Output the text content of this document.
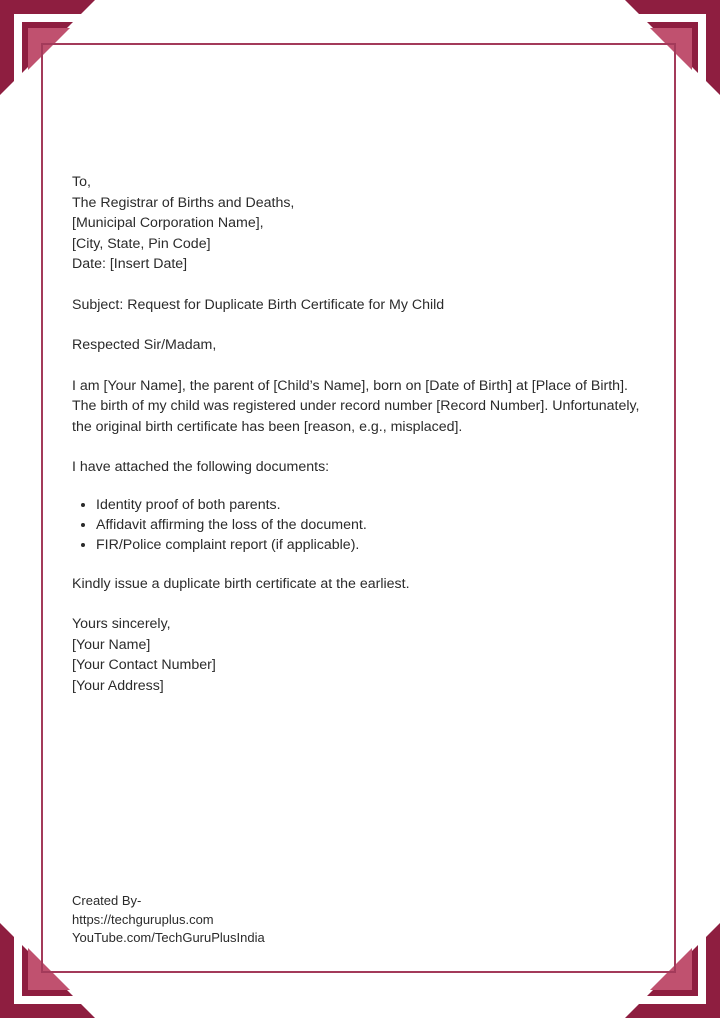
To,

The Registrar of Births and Deaths,

[Municipal Corporation Name],

[City, State, Pin Code]

Date: [Insert Date]

Subject: Request for Duplicate Birth Certificate for My Child

Respected Sir/Madam,

I am [Your Name], the parent of [Child’s Name], born on [Date of Birth] at [Place of Birth]. The birth of my child was registered under record number [Record Number]. Unfortunately, the original birth certificate has been [reason, e.g., misplaced].

I have attached the following documents:

• Identity proof of both parents.
• Affidavit affirming the loss of the document.
• FIR/Police complaint report (if applicable).

Kindly issue a duplicate birth certificate at the earliest.

Yours sincerely,

[Your Name]

[Your Contact Number]

[Your Address]

Created By-

https://techguruplus.com

YouTube.com/TechGuruPlusIndia
